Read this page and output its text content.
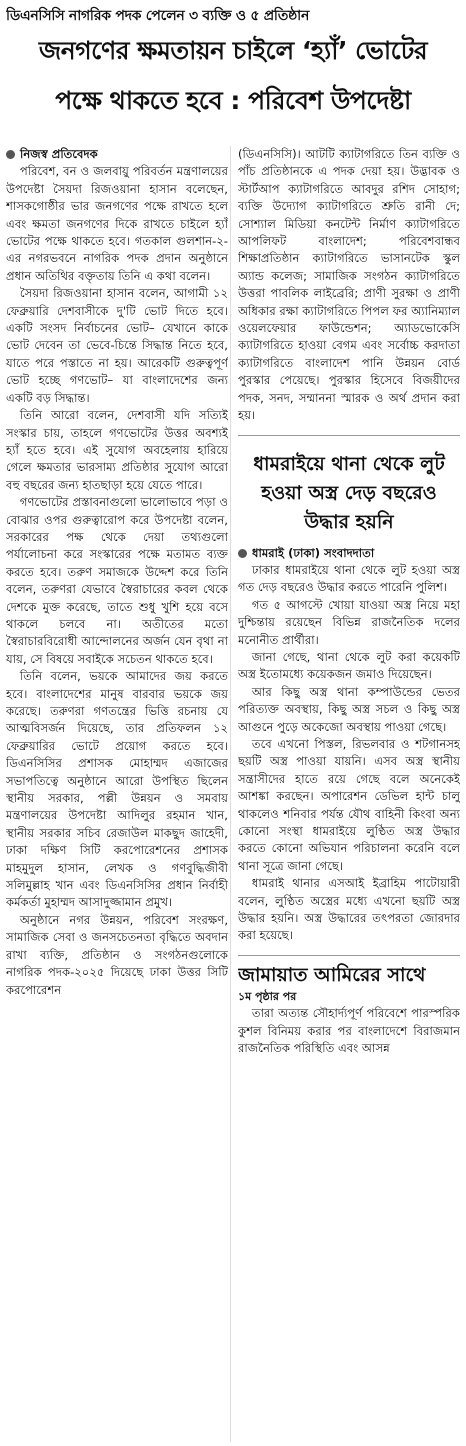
ডিএনসিসি নাগরিক পদক পেলেন ৩ ব্যক্তি ও ৫ প্রতিষ্ঠান
জনগণের ক্ষমতায়ন চাইলে ‘হ্যাঁ’ ভোটের
পক্ষে থাকতে হবে : পরিবেশ উপদেষ্টা

নিজস্ব প্রতিবেদক

পরিবেশ, বন ও জলবায়ু পরিবর্তন মন্ত্রণালয়ের উপদেষ্টা সৈয়দা রিজওয়ানা হাসান বলেছেন, শাসকগোষ্ঠীর ভার জনগণের পক্ষে রাখতে হলে এবং ক্ষমতা জনগণের দিকে রাখতে চাইলে হ্যাঁ ভোটের পক্ষে থাকতে হবে। গতকাল গুলশান-২-এর নগরভবনে নাগরিক পদক প্রদান অনুষ্ঠানে প্রধান অতিথির বক্তৃতায় তিনি এ কথা বলেন।

সৈয়দা রিজওয়ানা হাসান বলেন, আগামী ১২ ফেব্রুয়ারি দেশবাসীকে দু'টি ভোট দিতে হবে। একটি সংসদ নির্বাচনের ভোট– যেখানে কাকে ভোট দেবেন তা ভেবে-চিন্তে সিদ্ধান্ত নিতে হবে, যাতে পরে পস্তাতে না হয়। আরেকটি গুরুত্বপূর্ণ ভোট হচ্ছে গণভোট– যা বাংলাদেশের জন্য একটি বড় সিদ্ধান্ত।

তিনি আরো বলেন, দেশবাসী যদি সত্যিই সংস্কার চায়, তাহলে গণভোটের উত্তর অবশ্যই হ্যাঁ হতে হবে। এই সুযোগ অবহেলায় হারিয়ে গেলে ক্ষমতার ভারসাম্য প্রতিষ্ঠার সুযোগ আরো বহু বছরের জন্য হাতছাড়া হয়ে যেতে পারে।

গণভোটের প্রস্তাবনাগুলো ভালোভাবে পড়া ও বোঝার ওপর গুরুত্বারোপ করে উপদেষ্টা বলেন, সরকারের পক্ষ থেকে দেয়া তথ্যগুলো পর্যালোচনা করে সংস্কারের পক্ষে মতামত ব্যক্ত করতে হবে। তরুণ সমাজকে উদ্দেশ করে তিনি বলেন, তরুণরা যেভাবে স্বৈরাচারের কবল থেকে দেশকে মুক্ত করেছে, তাতে শুধু খুশি হয়ে বসে থাকলে চলবে না। অতীতের মতো স্বৈরাচারবিরোধী আন্দোলনের অর্জন যেন বৃথা না যায়, সে বিষয়ে সবাইকে সচেতন থাকতে হবে।

তিনি বলেন, ভয়কে আমাদের জয় করতে হবে। বাংলাদেশের মানুষ বারবার ভয়কে জয় করেছে। তরুণরা গণতন্ত্রের ভিত্তি রচনায় যে আত্মবিসর্জন দিয়েছে, তার প্রতিফলন ১২ ফেব্রুয়ারির ভোটে প্রয়োগ করতে হবে। ডিএনসিসির প্রশাসক মোহাম্মদ এজাজের সভাপতিত্বে অনুষ্ঠানে আরো উপস্থিত ছিলেন স্থানীয় সরকার, পল্লী উন্নয়ন ও সমবায় মন্ত্রণালয়ের উপদেষ্টা আদিলুর রহমান খান, স্থানীয় সরকার সচিব রেজাউল মাকছুদ জাহেদী, ঢাকা দক্ষিণ সিটি করপোরেশনের প্রশাসক মাহমুদুল হাসান, লেখক ও গণবুদ্ধিজীবী সলিমুল্লাহ খান এবং ডিএনসিসির প্রধান নির্বাহী কর্মকর্তা মুহাম্মদ আসাদুজ্জামান প্রমুখ।

অনুষ্ঠানে নগর উন্নয়ন, পরিবেশ সংরক্ষণ, সামাজিক সেবা ও জনসচেতনতা বৃদ্ধিতে অবদান রাখা ব্যক্তি, প্রতিষ্ঠান ও সংগঠনগুলোকে নাগরিক পদক-২০২৫ দিয়েছে ঢাকা উত্তর সিটি করপোরেশন

(ডিএনসিসি)। আটটি ক্যাটাগরিতে তিন ব্যক্তি ও পাঁচ প্রতিষ্ঠানকে এ পদক দেয়া হয়। উদ্ভাবক ও স্টার্টআপ ক্যাটাগরিতে আবদুর রশিদ সোহাগ; ব্যক্তি উদ্যোগ ক্যাটাগরিতে শ্রুতি রানী দে; সোশ্যাল মিডিয়া কনটেন্ট নির্মাণ ক্যাটাগরিতে আপলিফট বাংলাদেশ; পরিবেশবান্ধব শিক্ষাপ্রতিষ্ঠান ক্যাটাগরিতে ভাসানটেক স্কুল অ্যান্ড কলেজ; সামাজিক সংগঠন ক্যাটাগরিতে উত্তরা পাবলিক লাইব্রেরি; প্রাণী সুরক্ষা ও প্রাণী অধিকার রক্ষা ক্যাটাগরিতে পিপল ফর অ্যানিম্যাল ওয়েলফেয়ার ফাউন্ডেশন; অ্যাডভোকেসি ক্যাটাগরিতে হাওয়া বেগম এবং সর্বোচ্চ করদাতা ক্যাটাগরিতে বাংলাদেশ পানি উন্নয়ন বোর্ড পুরস্কার পেয়েছে। পুরস্কার হিসেবে বিজয়ীদের পদক, সনদ, সম্মাননা স্মারক ও অর্থ প্রদান করা হয়।

ধামরাইয়ে থানা থেকে লুট হওয়া অস্ত্র দেড় বছরেও উদ্ধার হয়নি

ধামরাই (ঢাকা) সংবাদদাতা

ঢাকার ধামরাইয়ে থানা থেকে লুট হওয়া অস্ত্র গত দেড় বছরেও উদ্ধার করতে পারেনি পুলিশ।

গত ৫ আগস্টে খোয়া যাওয়া অস্ত্র নিয়ে মহা দুশ্চিন্তায় রয়েছেন বিভিন্ন রাজনৈতিক দলের মনোনীত প্রার্থীরা।

জানা গেছে, থানা থেকে লুট করা কয়েকটি অস্ত্র ইতোমধ্যে কয়েকজন জমাও দিয়েছেন।

আর কিছু অস্ত্র থানা কম্পাউন্ডের ভেতর পরিত্যক্ত অবস্থায়, কিছু অস্ত্র সচল ও কিছু অস্ত্র আগুনে পুড়ে অকেজো অবস্থায় পাওয়া গেছে।

তবে এখনো পিস্তল, রিভলবার ও শটগানসহ ছয়টি অস্ত্র পাওয়া যায়নি। এসব অস্ত্র স্থানীয় সন্ত্রাসীদের হাতে রয়ে গেছে বলে অনেকেই আশঙ্কা করছেন। অপারেশন ডেভিল হান্ট চালু থাকলেও শনিবার পর্যন্ত যৌথ বাহিনী কিংবা অন্য কোনো সংস্থা ধামরাইয়ে লুণ্ঠিত অস্ত্র উদ্ধার করতে কোনো অভিযান পরিচালনা করেনি বলে থানা সূত্রে জানা গেছে।

ধামরাই থানার এসআই ইব্রাহিম পাটোয়ারী বলেন, লুণ্ঠিত অস্ত্রের মধ্যে এখনো ছয়টি অস্ত্র উদ্ধার হয়নি। অস্ত্র উদ্ধারের তৎপরতা জোরদার করা হয়েছে।

জামায়াত আমিরের সাথে

১ম পৃষ্ঠার পর

তারা অত্যন্ত সৌহার্দ্যপূর্ণ পরিবেশে পারস্পরিক কুশল বিনিময় করার পর বাংলাদেশে বিরাজমান রাজনৈতিক পরিস্থিতি এবং আসন্ন
